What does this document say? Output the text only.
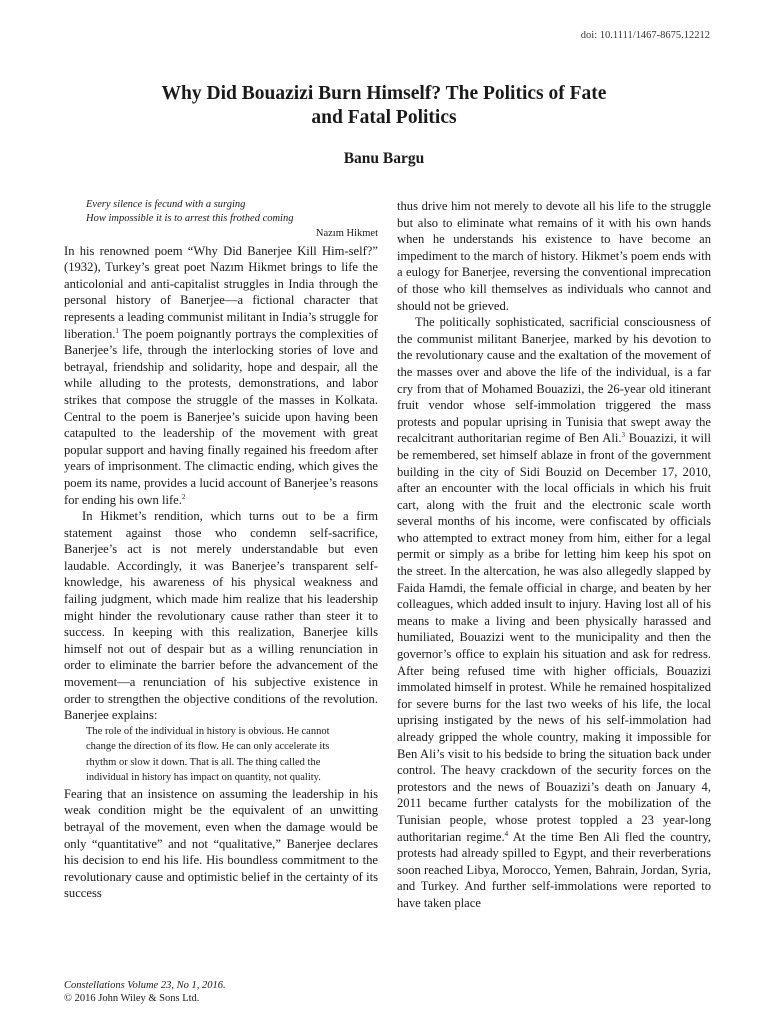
doi: 10.1111/1467-8675.12212
Why Did Bouazizi Burn Himself? The Politics of Fate
and Fatal Politics
Banu Bargu

Every silence is fecund with a surging

How impossible it is to arrest this frothed coming

Nazım Hikmet

In his renowned poem “Why Did Banerjee Kill Him-self?” (1932), Turkey’s great poet Nazım Hikmet brings to life the anticolonial and anti-capitalist struggles in India through the personal history of Banerjee—a fictional character that represents a leading communist militant in India’s struggle for liberation.$^1$ The poem poignantly portrays the complexities of Banerjee’s life, through the interlocking stories of love and betrayal, friendship and solidarity, hope and despair, all the while alluding to the protests, demonstrations, and labor strikes that compose the struggle of the masses in Kolkata. Central to the poem is Banerjee’s suicide upon having been catapulted to the leadership of the movement with great popular support and having finally regained his freedom after years of imprisonment. The climactic ending, which gives the poem its name, provides a lucid account of Banerjee’s reasons for ending his own life.$^2$

In Hikmet’s rendition, which turns out to be a firm statement against those who condemn self-sacrifice, Banerjee’s act is not merely understandable but even laudable. Accordingly, it was Banerjee’s transparent self-knowledge, his awareness of his physical weakness and failing judgment, which made him realize that his leadership might hinder the revolutionary cause rather than steer it to success. In keeping with this realization, Banerjee kills himself not out of despair but as a willing renunciation in order to eliminate the barrier before the advancement of the movement—a renunciation of his subjective existence in order to strengthen the objective conditions of the revolution. Banerjee explains:

The role of the individual in history is obvious. He cannot change the direction of its flow. He can only accelerate its rhythm or slow it down. That is all. The thing called the individual in history has impact on quantity, not quality.

Fearing that an insistence on assuming the leadership in his weak condition might be the equivalent of an unwitting betrayal of the movement, even when the damage would be only “quantitative” and not “qualitative,” Banerjee declares his decision to end his life. His boundless commitment to the revolutionary cause and optimistic belief in the certainty of its success

thus drive him not merely to devote all his life to the struggle but also to eliminate what remains of it with his own hands when he understands his existence to have become an impediment to the march of history. Hikmet’s poem ends with a eulogy for Banerjee, reversing the conventional imprecation of those who kill themselves as individuals who cannot and should not be grieved.

The politically sophisticated, sacrificial consciousness of the communist militant Banerjee, marked by his devotion to the revolutionary cause and the exaltation of the movement of the masses over and above the life of the individual, is a far cry from that of Mohamed Bouazizi, the 26-year old itinerant fruit vendor whose self-immolation triggered the mass protests and popular uprising in Tunisia that swept away the recalcitrant authoritarian regime of Ben Ali.$^3$ Bouazizi, it will be remembered, set himself ablaze in front of the government building in the city of Sidi Bouzid on December 17, 2010, after an encounter with the local officials in which his fruit cart, along with the fruit and the electronic scale worth several months of his income, were confiscated by officials who attempted to extract money from him, either for a legal permit or simply as a bribe for letting him keep his spot on the street. In the altercation, he was also allegedly slapped by Faida Hamdi, the female official in charge, and beaten by her colleagues, which added insult to injury. Having lost all of his means to make a living and been physically harassed and humiliated, Bouazizi went to the municipality and then the governor’s office to explain his situation and ask for redress. After being refused time with higher officials, Bouazizi immolated himself in protest. While he remained hospitalized for severe burns for the last two weeks of his life, the local uprising instigated by the news of his self-immolation had already gripped the whole country, making it impossible for Ben Ali’s visit to his bedside to bring the situation back under control. The heavy crackdown of the security forces on the protestors and the news of Bouazizi’s death on January 4, 2011 became further catalysts for the mobilization of the Tunisian people, whose protest toppled a 23 year-long authoritarian regime.$^4$ At the time Ben Ali fled the country, protests had already spilled to Egypt, and their reverberations soon reached Libya, Morocco, Yemen, Bahrain, Jordan, Syria, and Turkey. And further self-immolations were reported to have taken place

Constellations Volume 23, No 1, 2016.
© 2016 John Wiley & Sons Ltd.
